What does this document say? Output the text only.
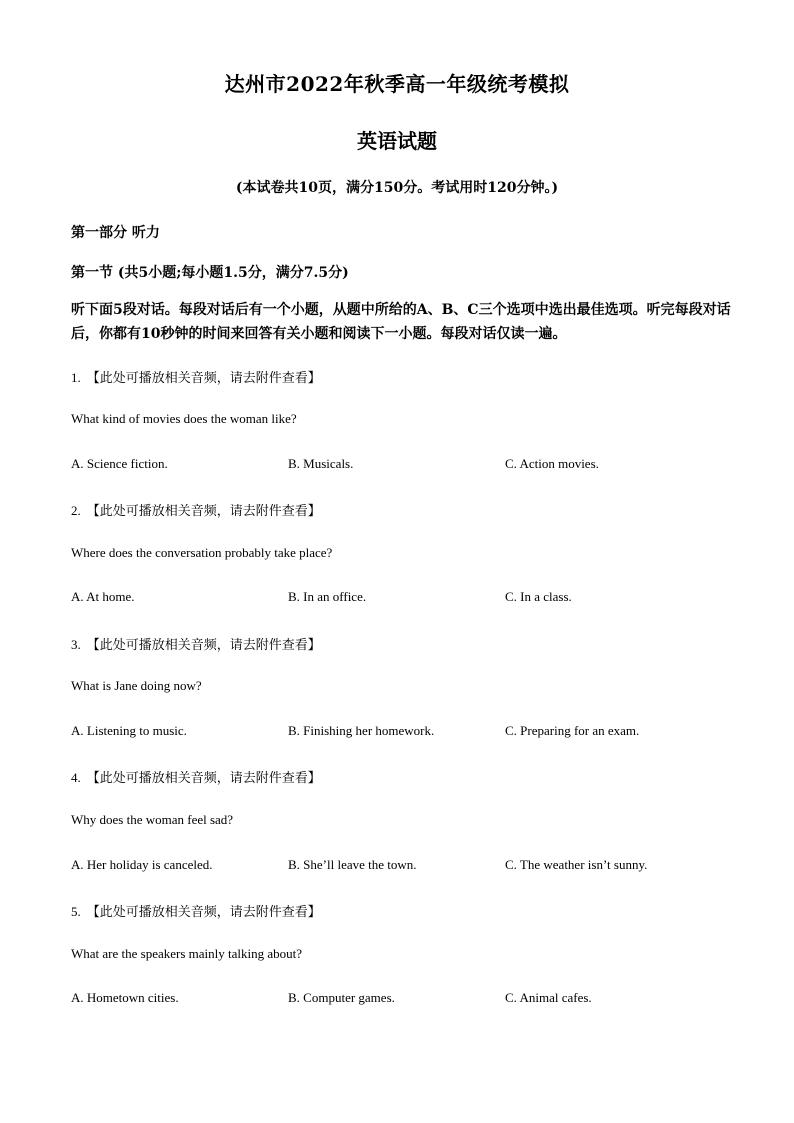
达州市2022年秋季高一年级统考模拟
英语试题
(本试卷共10页，满分150分。考试用时120分钟。)
第一部分 听力
第一节 (共5小题;每小题1.5分，满分7.5分)
听下面5段对话。每段对话后有一个小题，从题中所给的A、B、C三个选项中选出最佳选项。听完每段对话后，你都有10秒钟的时间来回答有关小题和阅读下一小题。每段对话仅读一遍。
1. 【此处可播放相关音频，请去附件查看】
What kind of movies does the woman like?
A. Science fiction.	B. Musicals.	C. Action movies.
2. 【此处可播放相关音频，请去附件查看】
Where does the conversation probably take place?
A. At home.	B. In an office.	C. In a class.
3. 【此处可播放相关音频，请去附件查看】
What is Jane doing now?
A. Listening to music.	B. Finishing her homework.	C. Preparing for an exam.
4. 【此处可播放相关音频，请去附件查看】
Why does the woman feel sad?
A. Her holiday is canceled.	B. She’ll leave the town.	C. The weather isn’t sunny.
5. 【此处可播放相关音频，请去附件查看】
What are the speakers mainly talking about?
A. Hometown cities.	B. Computer games.	C. Animal cafes.
